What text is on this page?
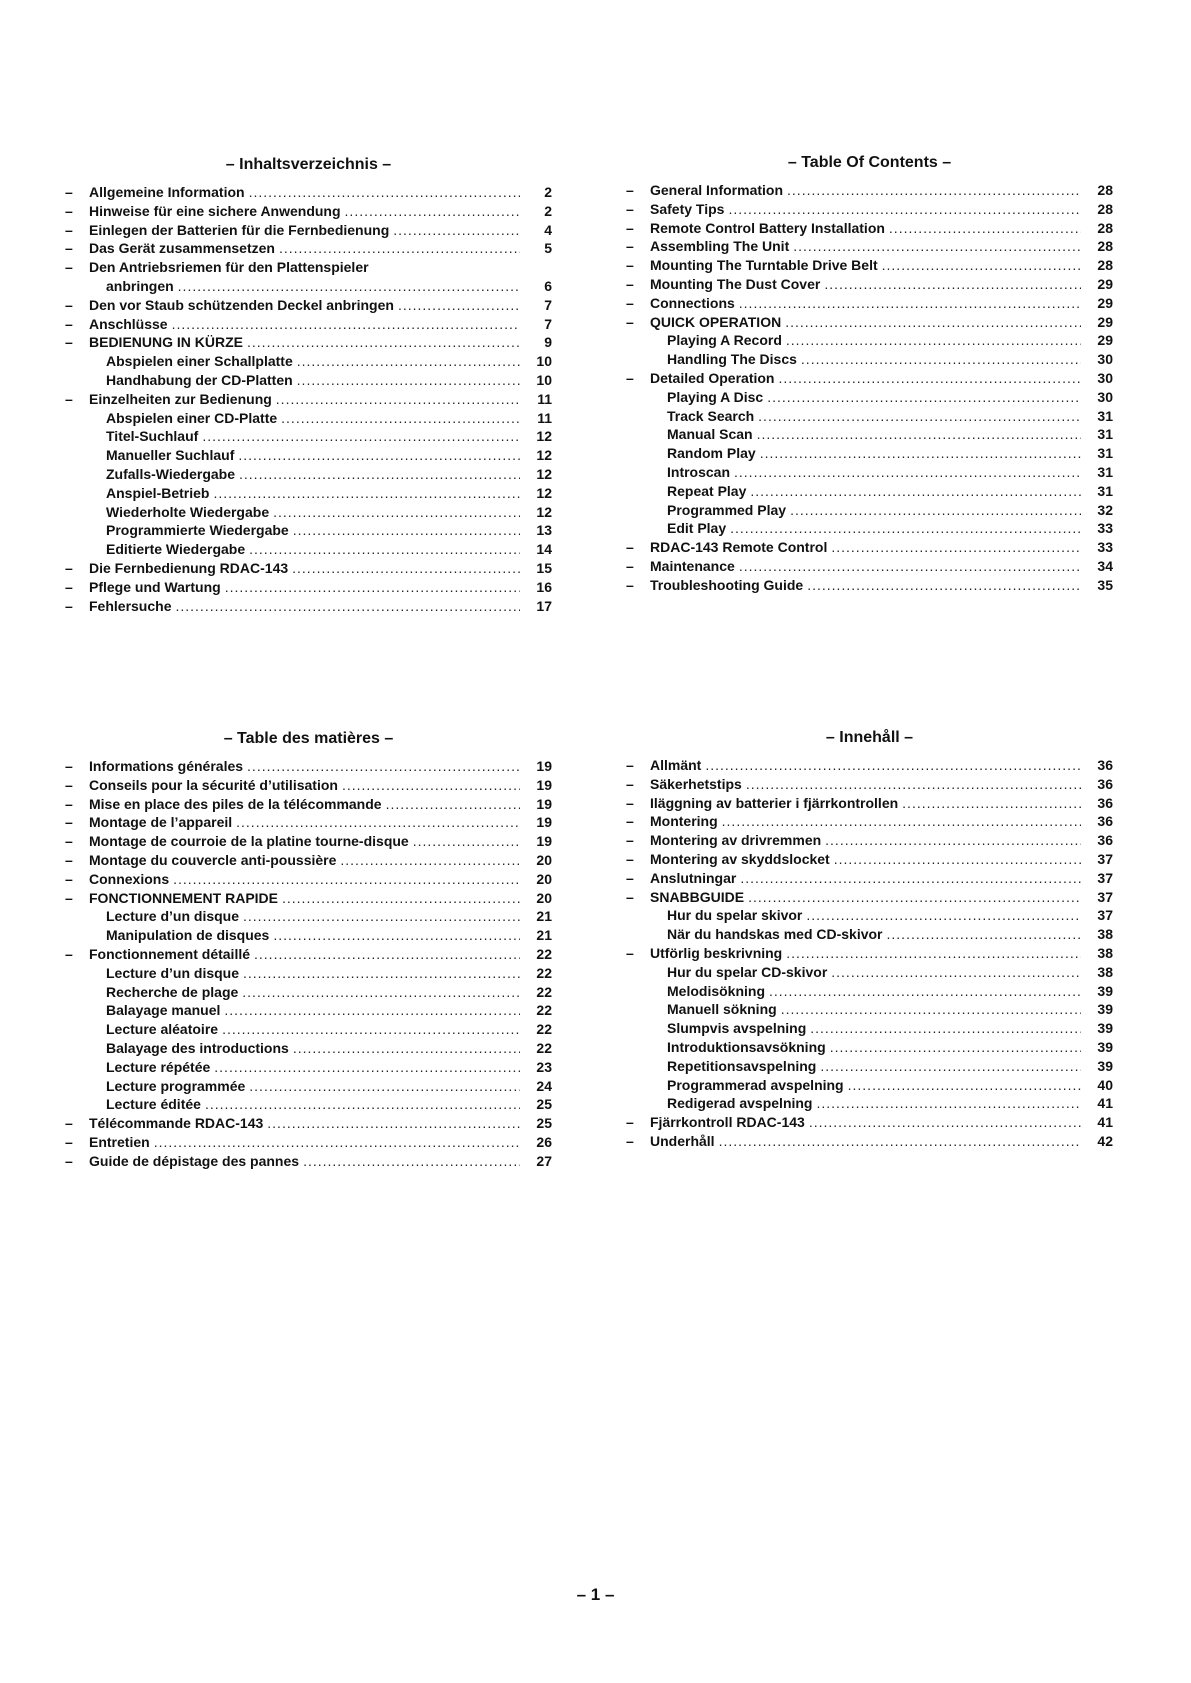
– Inhaltsverzeichnis –
–	Allgemeine Information .....	2
–	Hinweise für eine sichere Anwendung .....	2
–	Einlegen der Batterien für die Fernbedienung .....	4
–	Das Gerät zusammensetzen .....	5
–	Den Antriebsriemen für den Plattenspieler
anbringen .....	6
–	Den vor Staub schützenden Deckel anbringen .....	7
–	Anschlüsse .....	7
–	BEDIENUNG IN KÜRZE .....	9
Abspielen einer Schallplatte .....	10
Handhabung der CD-Platten .....	10
–	Einzelheiten zur Bedienung .....	11
Abspielen einer CD-Platte .....	11
Titel-Suchlauf .....	12
Manueller Suchlauf .....	12
Zufalls-Wiedergabe .....	12
Anspiel-Betrieb .....	12
Wiederholte Wiedergabe .....	12
Programmierte Wiedergabe .....	13
Editierte Wiedergabe .....	14
–	Die Fernbedienung RDAC-143 .....	15
–	Pflege und Wartung .....	16
–	Fehlersuche .....	17
– Table Of Contents –
–	General Information .....	28
–	Safety Tips .....	28
–	Remote Control Battery Installation .....	28
–	Assembling The Unit .....	28
–	Mounting The Turntable Drive Belt .....	28
–	Mounting The Dust Cover .....	29
–	Connections .....	29
–	QUICK OPERATION .....	29
Playing A Record .....	29
Handling The Discs .....	30
–	Detailed Operation .....	30
Playing A Disc .....	30
Track Search .....	31
Manual Scan .....	31
Random Play .....	31
Introscan .....	31
Repeat Play .....	31
Programmed Play .....	32
Edit Play .....	33
–	RDAC-143 Remote Control .....	33
–	Maintenance .....	34
–	Troubleshooting Guide .....	35
– Table des matières –
–	Informations générales .....	19
–	Conseils pour la sécurité d’utilisation .....	19
–	Mise en place des piles de la télécommande .....	19
–	Montage de l’appareil .....	19
–	Montage de courroie de la platine tourne-disque .....	19
–	Montage du couvercle anti-poussière .....	20
–	Connexions .....	20
–	FONCTIONNEMENT RAPIDE .....	20
Lecture d’un disque .....	21
Manipulation de disques .....	21
–	Fonctionnement détaillé .....	22
Lecture d’un disque .....	22
Recherche de plage .....	22
Balayage manuel .....	22
Lecture aléatoire .....	22
Balayage des introductions .....	22
Lecture répétée .....	23
Lecture programmée .....	24
Lecture éditée .....	25
–	Télécommande RDAC-143 .....	25
–	Entretien .....	26
–	Guide de dépistage des pannes .....	27
– Innehåll –
–	Allmänt .....	36
–	Säkerhetstips .....	36
–	Iläggning av batterier i fjärrkontrollen .....	36
–	Montering .....	36
–	Montering av drivremmen .....	36
–	Montering av skyddslocket .....	37
–	Anslutningar .....	37
–	SNABBGUIDE .....	37
Hur du spelar skivor .....	37
När du handskas med CD-skivor .....	38
–	Utförlig beskrivning .....	38
Hur du spelar CD-skivor .....	38
Melodisökning .....	39
Manuell sökning .....	39
Slumpvis avspelning .....	39
Introduktionsavsökning .....	39
Repetitionsavspelning .....	39
Programmerad avspelning .....	40
Redigerad avspelning .....	41
–	Fjärrkontroll RDAC-143 .....	41
–	Underhåll .....	42
– 1 –
